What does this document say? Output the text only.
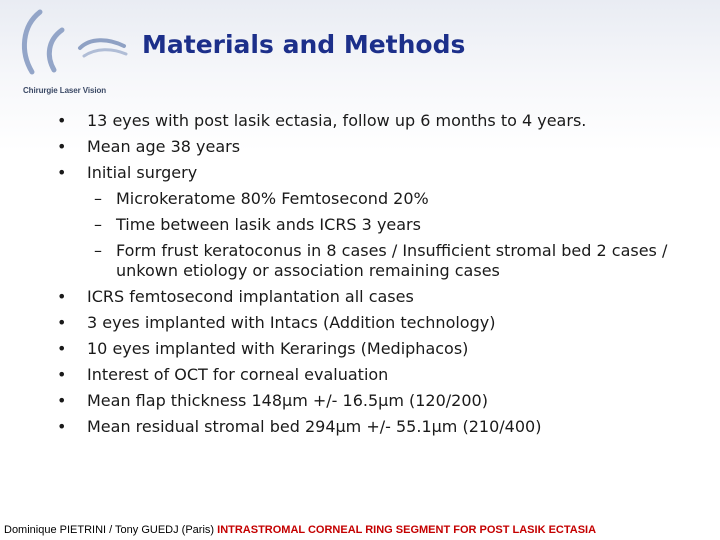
Chirurgie Laser Vision
Materials and Methods
• 13 eyes with post lasik ectasia, follow up 6 months to 4 years.
• Mean age 38 years
• Initial surgery
– Microkeratome 80% Femtosecond 20%
– Time between lasik ands ICRS 3 years
– Form frust keratoconus in 8 cases / Insufficient stromal bed 2 cases / unkown etiology or association remaining cases
• ICRS femtosecond implantation all cases
• 3 eyes implanted with Intacs (Addition technology)
• 10 eyes implanted with Kerarings (Mediphacos)
• Interest of OCT for corneal evaluation
• Mean flap thickness 148µm +/- 16.5µm (120/200)
• Mean residual stromal bed 294µm +/- 55.1µm (210/400)
Dominique PIETRINI / Tony GUEDJ (Paris) INTRASTROMAL CORNEAL RING SEGMENT FOR POST LASIK ECTASIA
